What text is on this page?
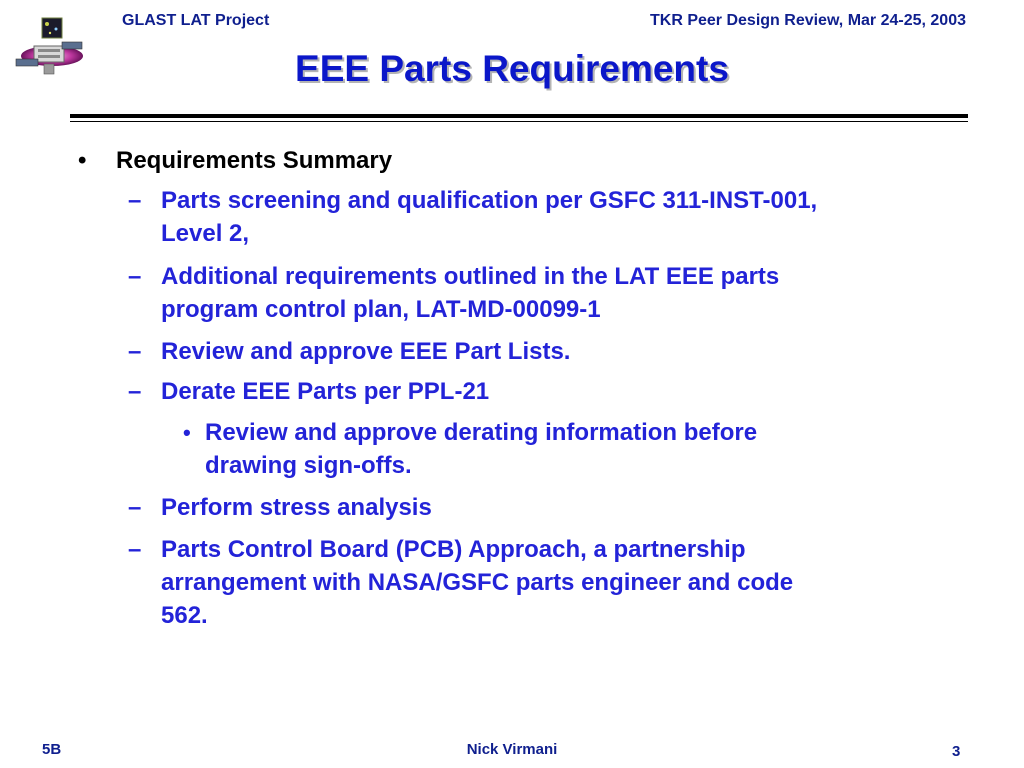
GLAST LAT Project	TKR Peer Design Review, Mar 24-25, 2003
EEE Parts Requirements
• Requirements Summary
– Parts screening and qualification per GSFC 311-INST-001,
Level 2,
– Additional requirements outlined in the LAT EEE parts
program control plan, LAT-MD-00099-1
– Review and approve EEE Part Lists.
– Derate EEE Parts per PPL-21
• Review and approve derating information before
drawing sign-offs.
– Perform stress analysis
– Parts Control Board (PCB) Approach, a partnership
arrangement with NASA/GSFC parts engineer and code
562.
5B	Nick Virmani	3
